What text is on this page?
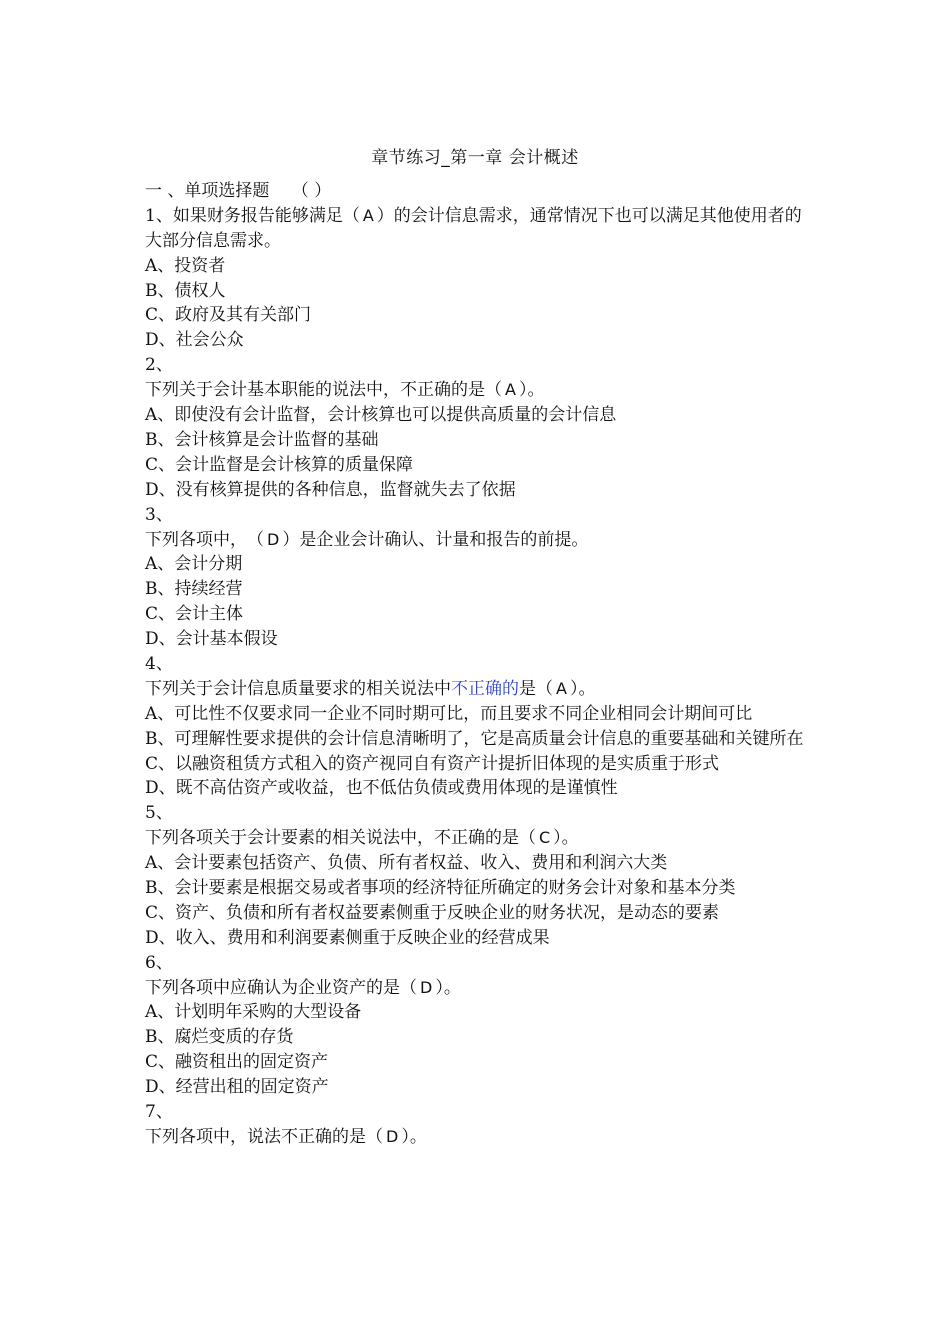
章节练习_第一章 会计概述
一 、单项选择题　 （ ）
1、如果财务报告能够满足（ A ）的会计信息需求，通常情况下也可以满足其他使用者的大部分信息需求。
A、投资者
B、债权人
C、政府及其有关部门
D、社会公众
2、
下列关于会计基本职能的说法中，不正确的是（ A ）。
A、即使没有会计监督，会计核算也可以提供高质量的会计信息
B、会计核算是会计监督的基础
C、会计监督是会计核算的质量保障
D、没有核算提供的各种信息，监督就失去了依据
3、
下列各项中，　（ D ）是企业会计确认、计量和报告的前提。
A、会计分期
B、持续经营
C、会计主体
D、会计基本假设
4、
下列关于会计信息质量要求的相关说法中不正确的是（ A ）。
A、可比性不仅要求同一企业不同时期可比，而且要求不同企业相同会计期间可比
B、可理解性要求提供的会计信息清晰明了，它是高质量会计信息的重要基础和关键所在
C、以融资租赁方式租入的资产视同自有资产计提折旧体现的是实质重于形式
D、既不高估资产或收益，也不低估负债或费用体现的是谨慎性
5、
下列各项关于会计要素的相关说法中，不正确的是（ C ）。
A、会计要素包括资产、负债、所有者权益、收入、费用和利润六大类
B、会计要素是根据交易或者事项的经济特征所确定的财务会计对象和基本分类
C、资产、负债和所有者权益要素侧重于反映企业的财务状况，是动态的要素
D、收入、费用和利润要素侧重于反映企业的经营成果
6、
下列各项中应确认为企业资产的是（ D ）。
A、计划明年采购的大型设备
B、腐烂变质的存货
C、融资租出的固定资产
D、经营出租的固定资产
7、
下列各项中，说法不正确的是（ D ）。
